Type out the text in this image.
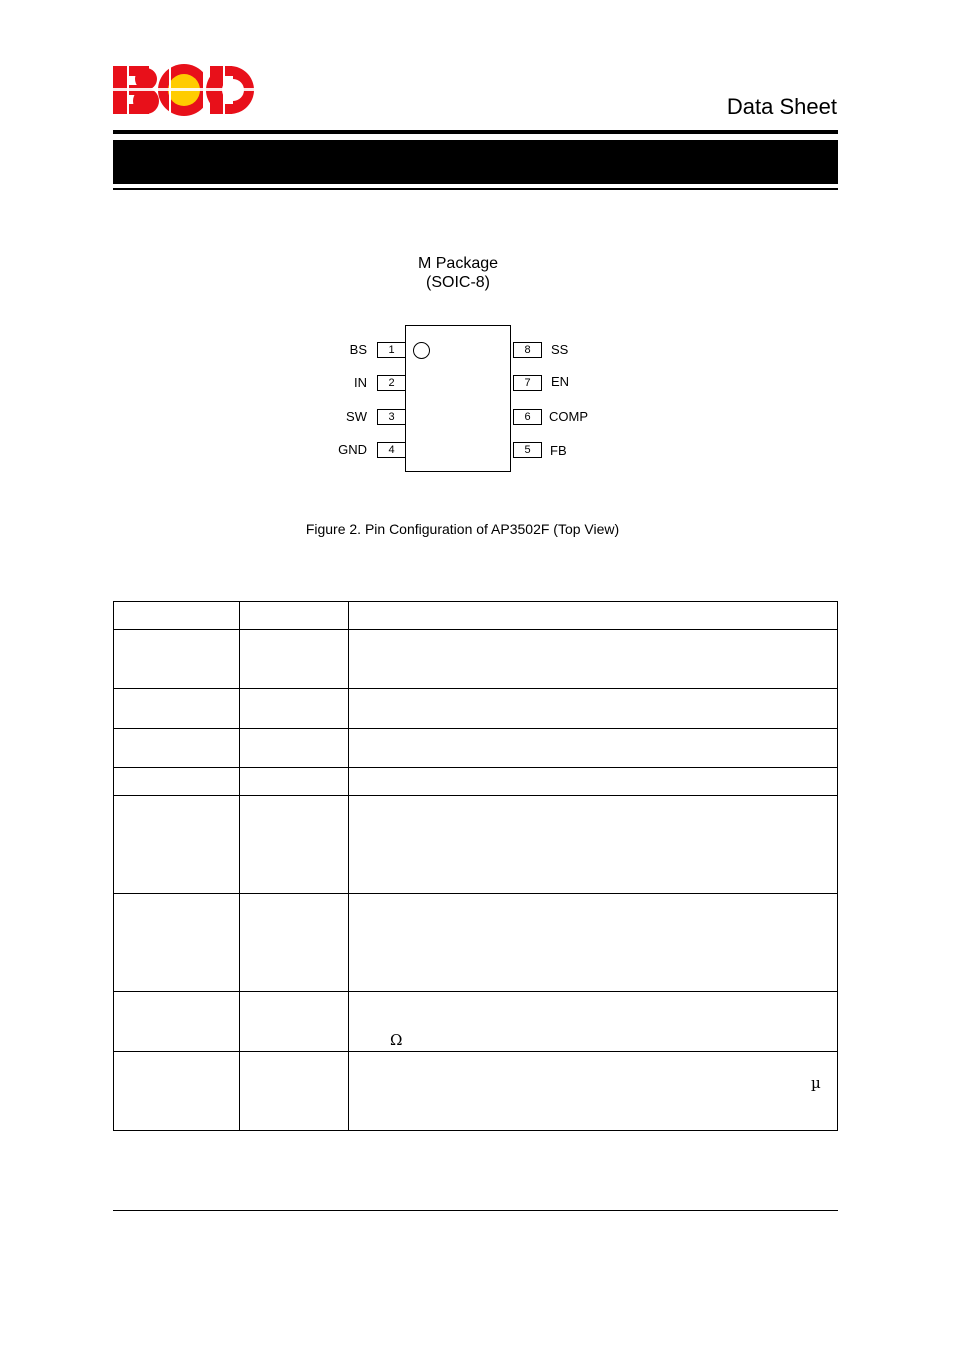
Data Sheet
M Package
(SOIC-8)
BS	1
IN	2
SW	3
GND	4
8	SS
7	EN
6	COMP
5	FB
Figure 2. Pin Configuration of AP3502F (Top View)

		Ω

		µ
